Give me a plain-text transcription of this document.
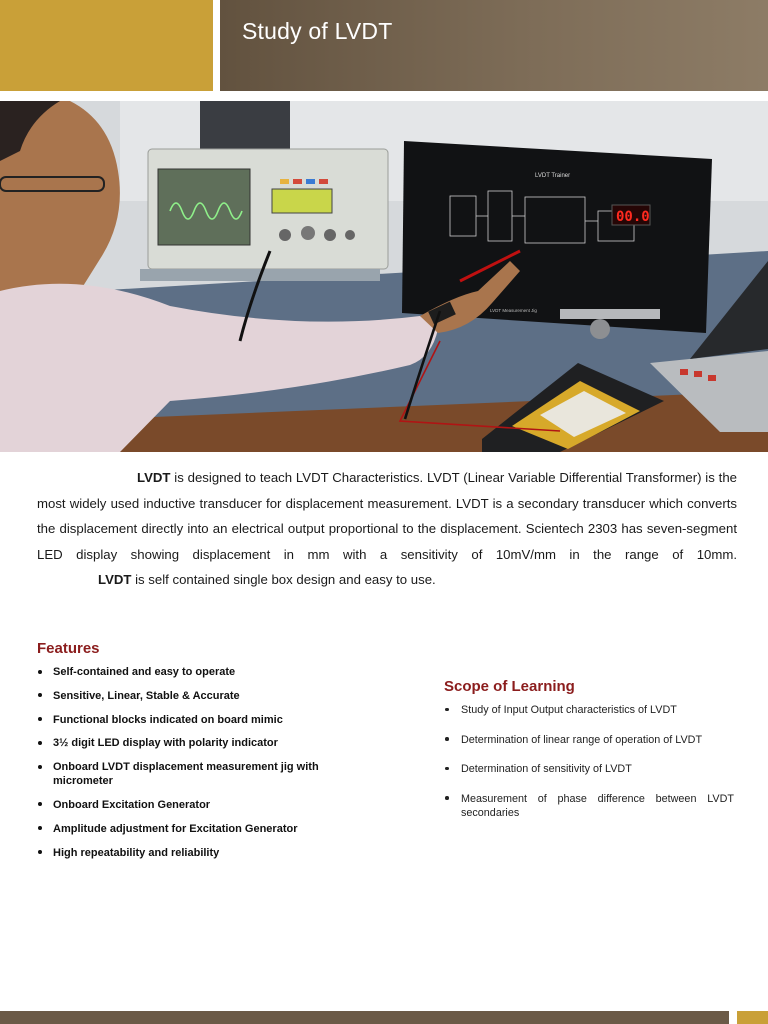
Study of LVDT
LVDT Trainer
00.0
LVDT Measurement Jig

LVDT is designed to teach LVDT Characteristics. LVDT (Linear Variable Differential Transformer) is the most widely used inductive transducer for displacement measurement. LVDT is a secondary transducer which converts the displacement directly into an electrical output proportional to the displacement. Scientech 2303 has seven-segment LED display showing displacement in mm with a sensitivity of 10mV/mm in the range of 10mm.

LVDT is self contained single box design and easy to use.

Features
Self-contained and easy to operate
Sensitive, Linear, Stable & Accurate
Functional blocks indicated on board mimic
3½ digit LED display with polarity indicator
Onboard LVDT displacement measurement jig with micrometer
Onboard Excitation Generator
Amplitude adjustment for Excitation Generator
High repeatability and reliability
Scope of Learning
Study of Input Output characteristics of LVDT
Determination of linear range of operation of LVDT
Determination of sensitivity of LVDT
Measurement of phase difference between LVDT secondaries
